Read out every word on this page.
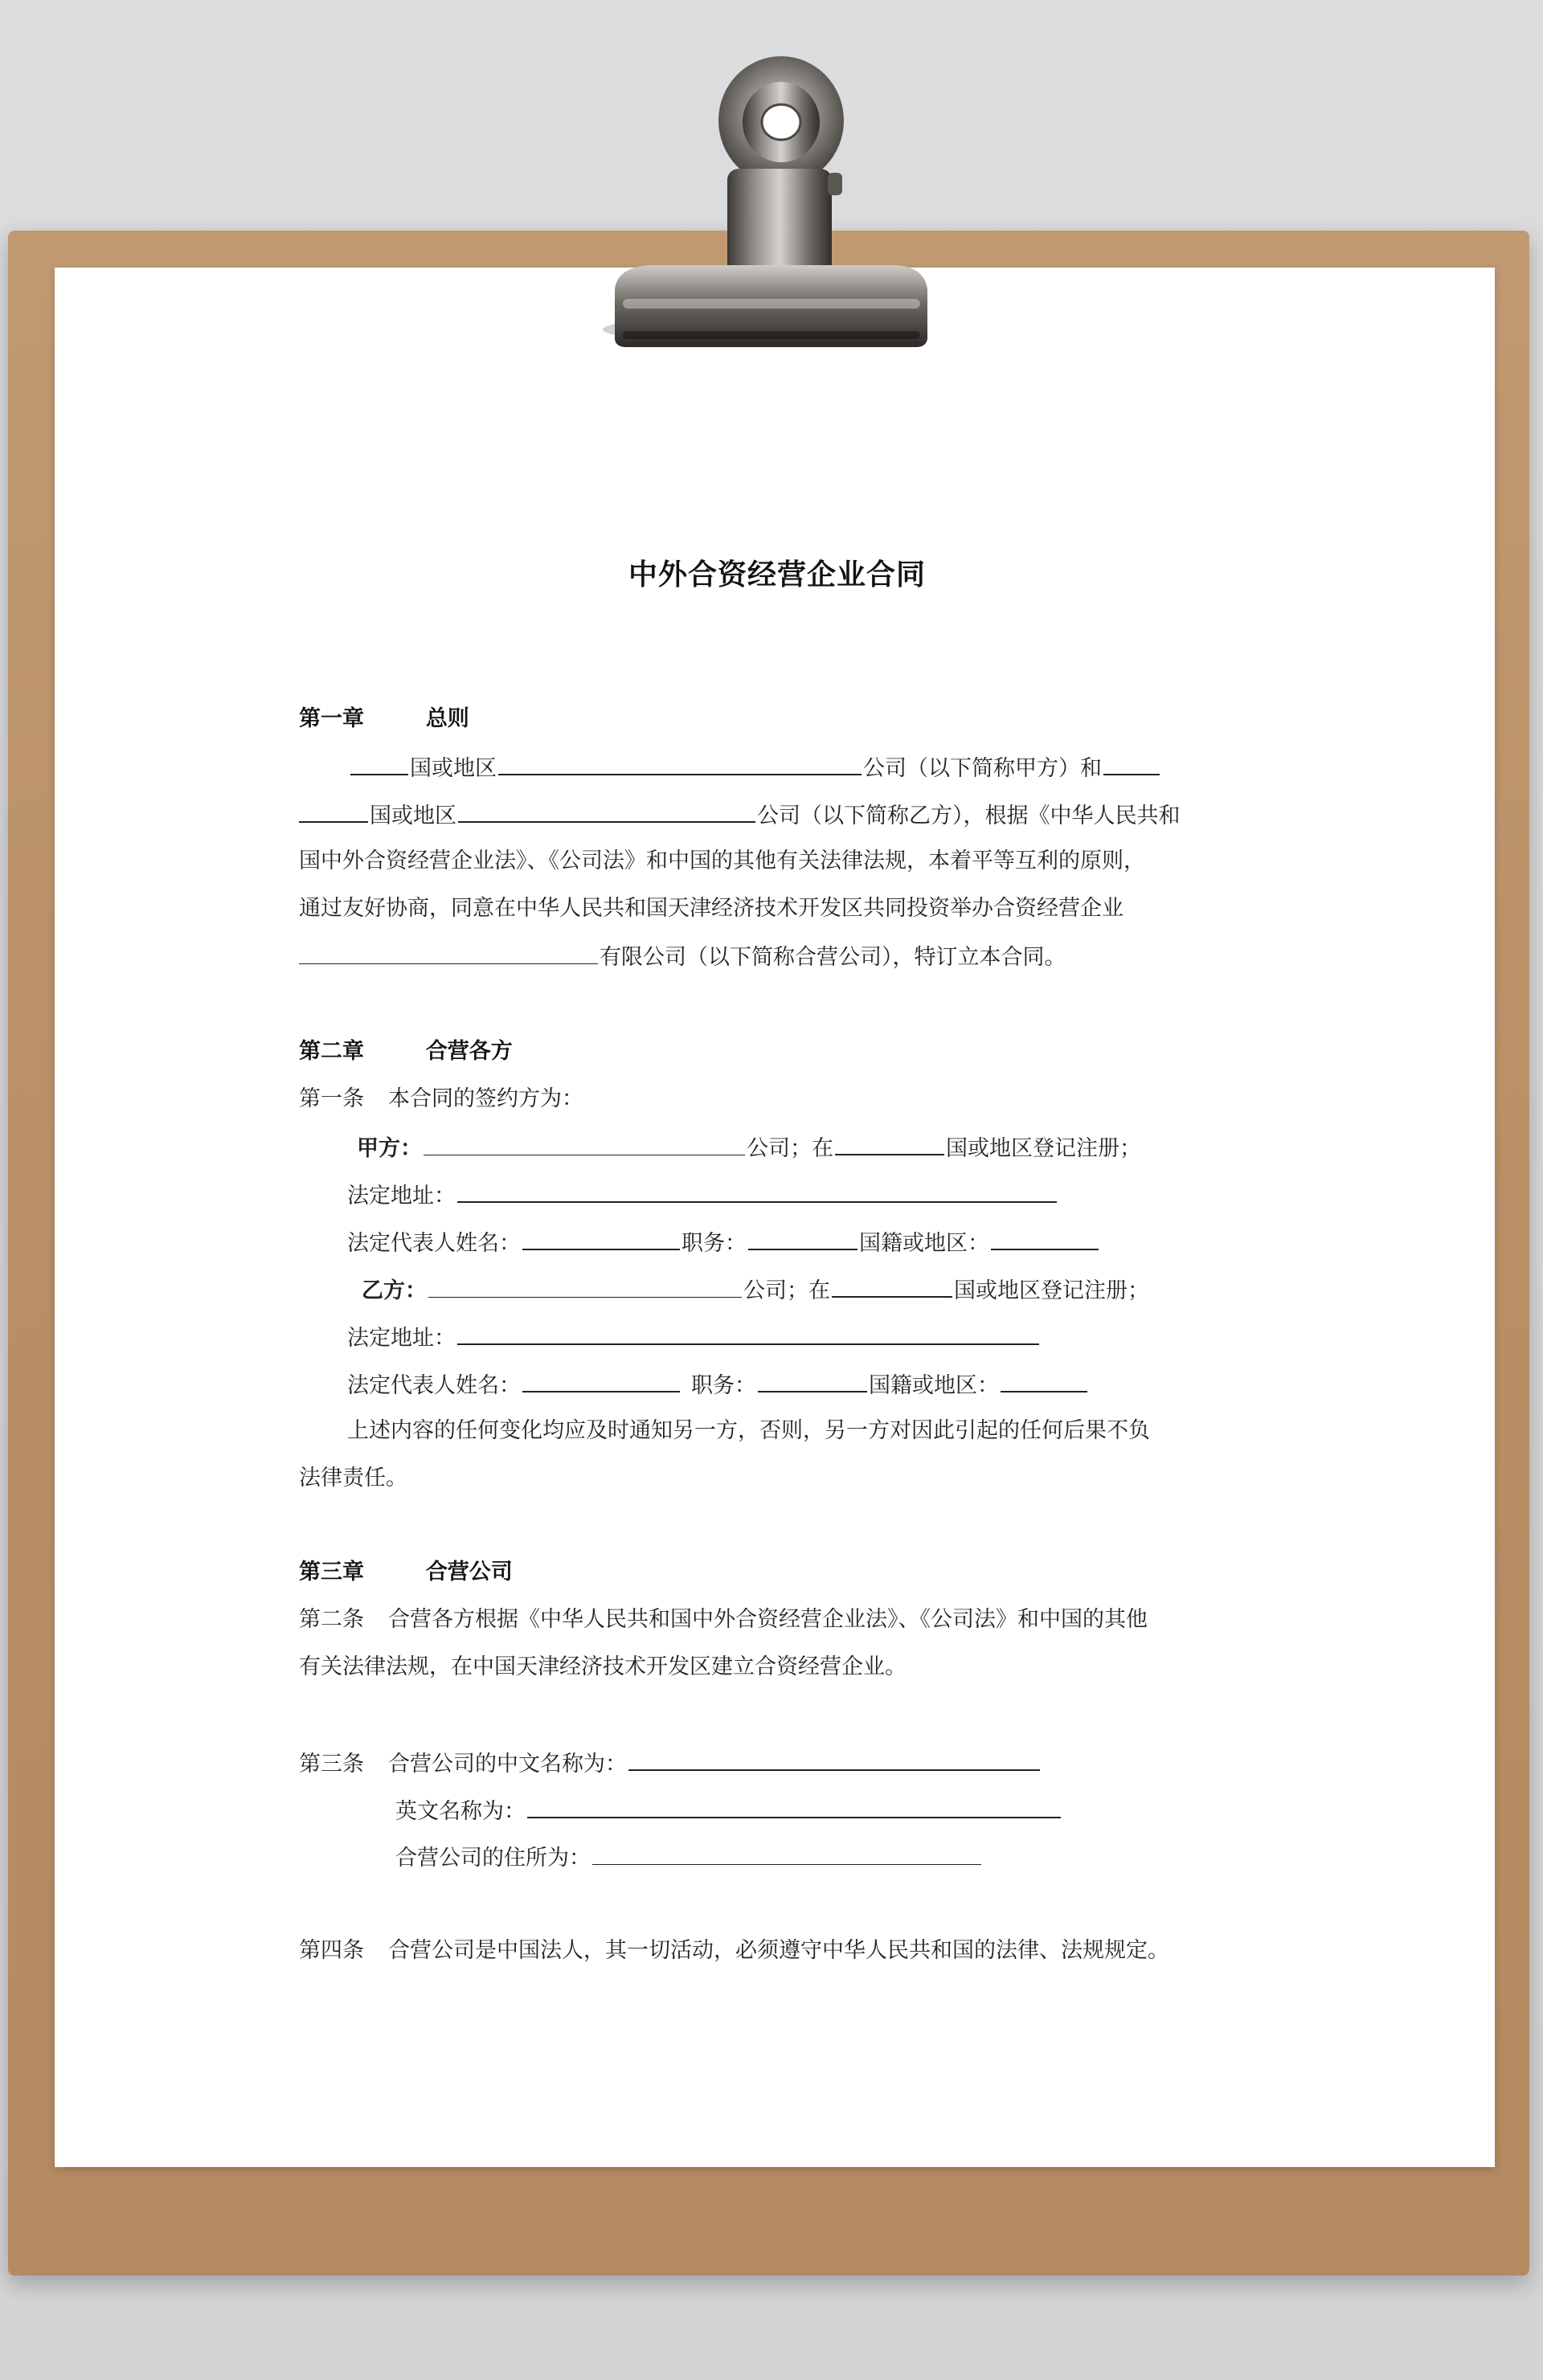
中外合资经营企业合同
第一章	总则
国或地区	公司（以下简称甲方）和
国或地区	公司（以下简称乙方），根据《中华人民共和
国中外合资经营企业法》、《公司法》和中国的其他有关法律法规，本着平等互利的原则，
通过友好协商，同意在中华人民共和国天津经济技术开发区共同投资举办合资经营企业
有限公司（以下简称合营公司），特订立本合同。
第二章	合营各方
第一条 本合同的签约方为：
甲方：	公司；在	国或地区登记注册；
法定地址：
法定代表人姓名：	职务：	国籍或地区：
乙方：	公司；在	国或地区登记注册；
法定地址：
法定代表人姓名：	职务：	国籍或地区：
上述内容的任何变化均应及时通知另一方，否则，另一方对因此引起的任何后果不负
法律责任。
第三章	合营公司
第二条 合营各方根据《中华人民共和国中外合资经营企业法》、《公司法》和中国的其他
有关法律法规，在中国天津经济技术开发区建立合资经营企业。
第三条 合营公司的中文名称为：
英文名称为：
合营公司的住所为：
第四条 合营公司是中国法人，其一切活动，必须遵守中华人民共和国的法律、法规规定。
